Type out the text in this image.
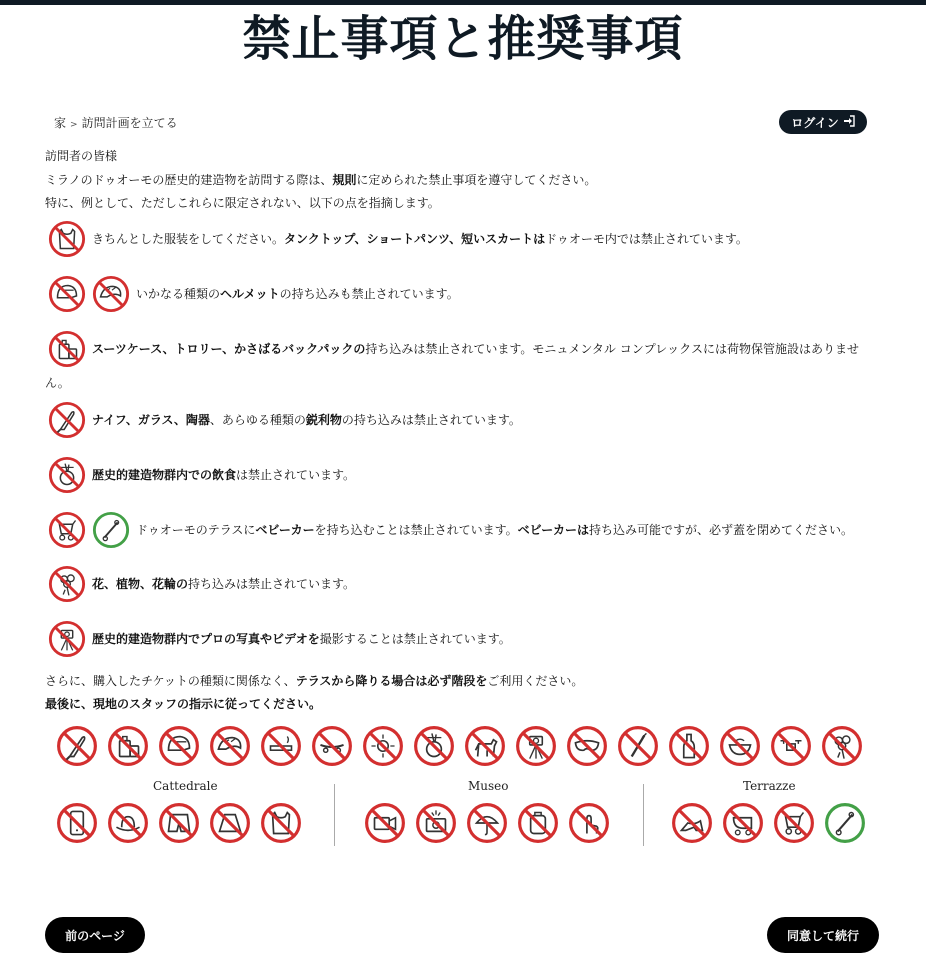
禁止事項と推奨事項
家 > 訪問計画を立てる	ログイン
訪問者の皆様
ミラノのドゥオーモの歴史的建造物を訪問する際は、規則に定められた禁止事項を遵守してください。
特に、例として、ただしこれらに限定されない、以下の点を指摘します。
きちんとした服装をしてください。タンクトップ、ショートパンツ、短いスカートはドゥオーモ内では禁止されています。
いかなる種類のヘルメットの持ち込みも禁止されています。
スーツケース、トロリー、かさばるバックパックの持ち込みは禁止されています。モニュメンタル コンプレックスには荷物保管施設はありませ
ん。
ナイフ、ガラス、陶器、あらゆる種類の鋭利物の持ち込みは禁止されています。
歴史的建造物群内での飲食は禁止されています。
ドゥオーモのテラスにベビーカーを持ち込むことは禁止されています。ベビーカーは持ち込み可能ですが、必ず蓋を閉めてください。
花、植物、花輪の持ち込みは禁止されています。
歴史的建造物群内でプロの写真やビデオを撮影することは禁止されています。
さらに、購入したチケットの種類に関係なく、テラスから降りる場合は必ず階段をご利用ください。
最後に、現地のスタッフの指示に従ってください。
Cattedrale	Museo	Terrazze
前のページ	同意して続行
